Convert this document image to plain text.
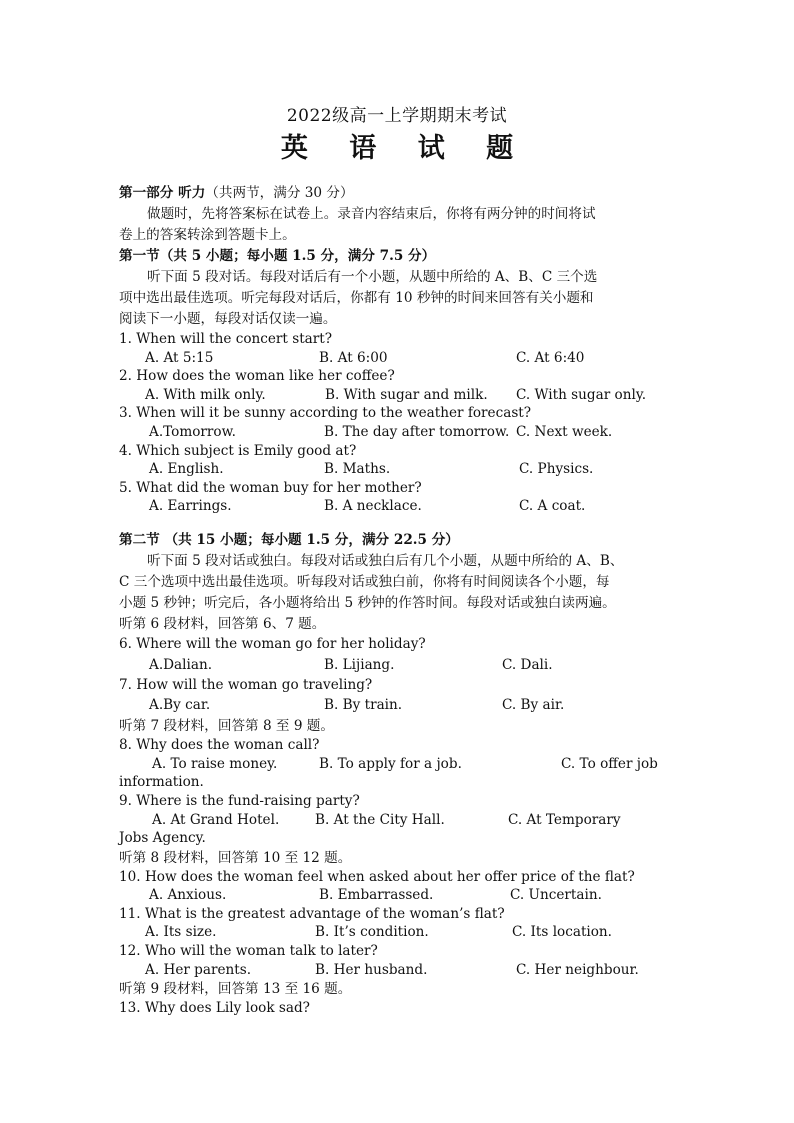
2022级高一上学期期末考试
英 语 试 题
第一部分 听力（共两节，满分 30 分）
做题时，先将答案标在试卷上。录音内容结束后，你将有两分钟的时间将试
卷上的答案转涂到答题卡上。
第一节（共 5 小题；每小题 1.5 分，满分 7.5 分）
听下面 5 段对话。每段对话后有一个小题，从题中所给的 A、B、C 三个选
项中选出最佳选项。听完每段对话后，你都有 10 秒钟的时间来回答有关小题和
阅读下一小题，每段对话仅读一遍。
1. When will the concert start?
A. At 5:15	B. At 6:00	C. At 6:40
2. How does the woman like her coffee?
A. With milk only.	B. With sugar and milk. C. With sugar only.
3. When will it be sunny according to the weather forecast?
A.Tomorrow.	B. The day after tomorrow. C. Next week.
4. Which subject is Emily good at?
A. English.	B. Maths.	C. Physics.
5. What did the woman buy for her mother?
A. Earrings.	B. A necklace.	C. A coat.
第二节 （共 15 小题；每小题 1.5 分，满分 22.5 分）
听下面 5 段对话或独白。每段对话或独白后有几个小题，从题中所给的 A、B、
C 三个选项中选出最佳选项。听每段对话或独白前，你将有时间阅读各个小题，每
小题 5 秒钟；听完后，各小题将给出 5 秒钟的作答时间。每段对话或独白读两遍。
听第 6 段材料，回答第 6、7 题。
6. Where will the woman go for her holiday?
A.Dalian.	B. Lijiang.	C. Dali.
7. How will the woman go traveling?
A.By car.	B. By train.	C. By air.
听第 7 段材料，回答第 8 至 9 题。
8. Why does the woman call?
A. To raise money.	B. To apply for a job.	C. To offer job
information.
9. Where is the fund-raising party?
A. At Grand Hotel.	B. At the City Hall.	C. At Temporary
Jobs Agency.
听第 8 段材料，回答第 10 至 12 题。
10. How does the woman feel when asked about her offer price of the flat?
A. Anxious.	B. Embarrassed.	C. Uncertain.
11. What is the greatest advantage of the woman’s flat?
A. Its size.	B. It’s condition.	C. Its location.
12. Who will the woman talk to later?
A. Her parents.	B. Her husband.	C. Her neighbour.
听第 9 段材料，回答第 13 至 16 题。
13. Why does Lily look sad?
